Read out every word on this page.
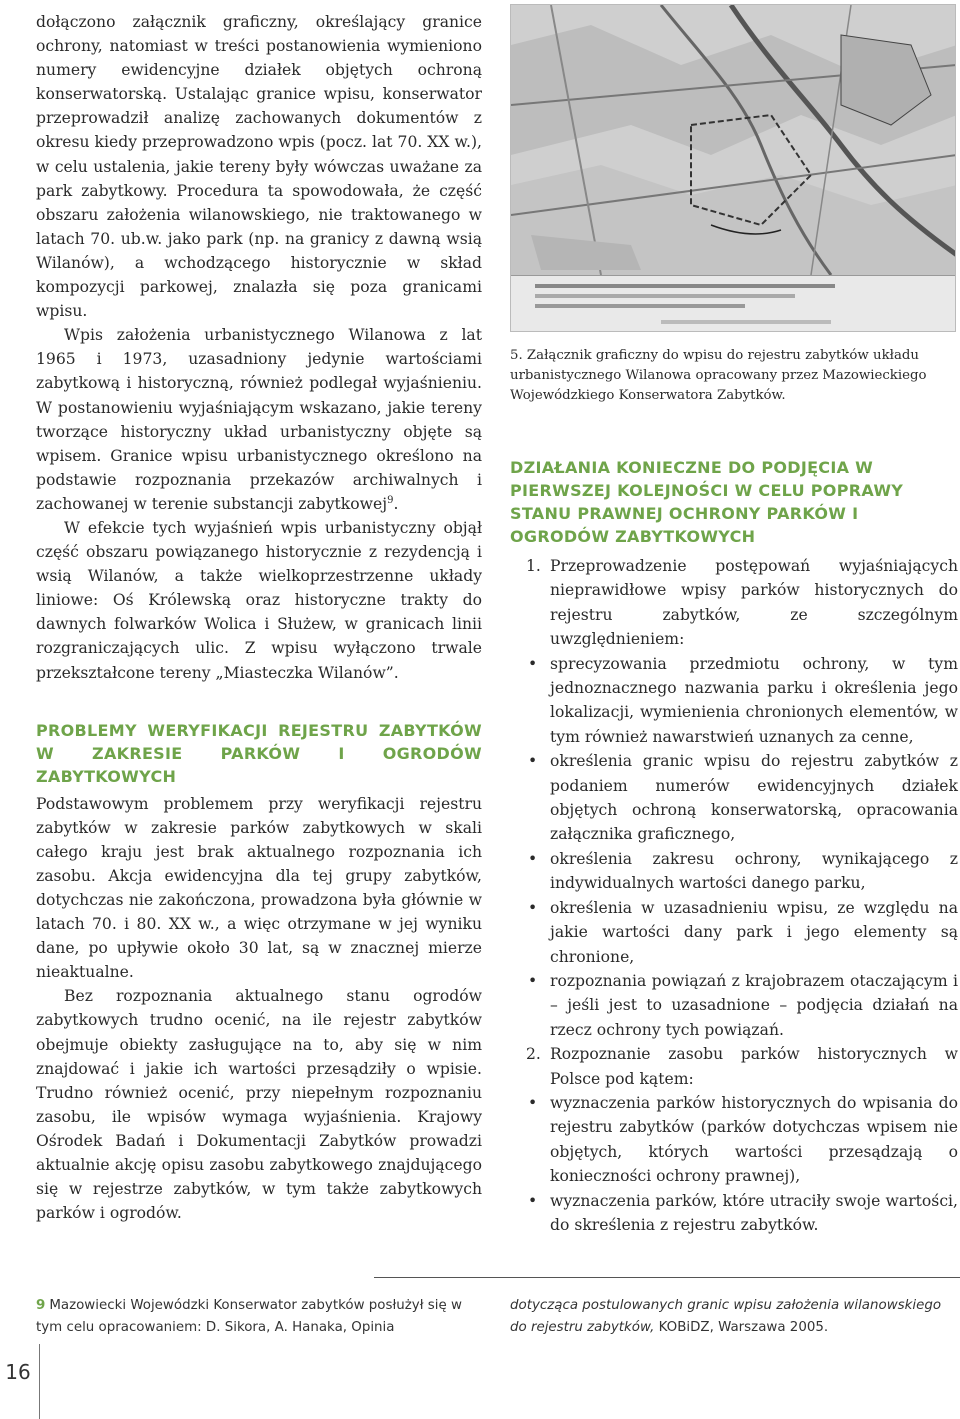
dołączono załącznik graficzny, określający granice ochrony, natomiast w treści postanowienia wymieniono numery ewidencyjne działek objętych ochroną konserwatorską. Ustalając granice wpisu, konserwator przeprowadził analizę zachowanych dokumentów z okresu kiedy przeprowadzono wpis (pocz. lat 70. XX w.), w celu ustalenia, jakie tereny były wówczas uważane za park zabytkowy. Procedura ta spowodowała, że część obszaru założenia wilanowskiego, nie traktowanego w latach 70. ub.w. jako park (np. na granicy z dawną wsią Wilanów), a wchodzącego historycznie w skład kompozycji parkowej, znalazła się poza granicami wpisu.

Wpis założenia urbanistycznego Wilanowa z lat 1965 i 1973, uzasadniony jedynie wartościami zabytkową i historyczną, również podlegał wyjaśnieniu. W postanowieniu wyjaśniającym wskazano, jakie tereny tworzące historyczny układ urbanistyczny objęte są wpisem. Granice wpisu urbanistycznego określono na podstawie rozpoznania przekazów archiwalnych i zachowanej w terenie substancji zabytkowej$^9$.

W efekcie tych wyjaśnień wpis urbanistyczny objął część obszaru powiązanego historycznie z rezydencją i wsią Wilanów, a także wielkoprzestrzenne układy liniowe: Oś Królewską oraz historyczne trakty do dawnych folwarków Wolica i Służew, w granicach linii rozgraniczających ulic. Z wpisu wyłączono trwale przekształcone tereny „Miasteczka Wilanów”.

PROBLEMY WERYFIKACJI REJESTRU ZABYTKÓW W ZAKRESIE PARKÓW I OGRODÓW ZABYTKOWYCH

Podstawowym problemem przy weryfikacji rejestru zabytków w zakresie parków zabytkowych w skali całego kraju jest brak aktualnego rozpoznania ich zasobu. Akcja ewidencyjna dla tej grupy zabytków, dotychczas nie zakończona, prowadzona była głównie w latach 70. i 80. XX w., a więc otrzymane w jej wyniku dane, po upływie około 30 lat, są w znacznej mierze nieaktualne.

Bez rozpoznania aktualnego stanu ogrodów zabytkowych trudno ocenić, na ile rejestr zabytków obejmuje obiekty zasługujące na to, aby się w nim znajdować i jakie ich wartości przesądziły o wpisie. Trudno również ocenić, przy niepełnym rozpoznaniu zasobu, ile wpisów wymaga wyjaśnienia. Krajowy Ośrodek Badań i Dokumentacji Zabytków prowadzi aktualnie akcję opisu zasobu zabytkowego znajdującego się w rejestrze zabytków, w tym także zabytkowych parków i ogrodów.

5. Załącznik graficzny do wpisu do rejestru zabytków układu urbanistycznego Wilanowa opracowany przez Mazowieckiego Wojewódzkiego Konserwatora Zabytków.
DZIAŁANIA KONIECZNE DO PODJĘCIA W PIERWSZEJ KOLEJNOŚCI W CELU POPRAWY STANU PRAWNEJ OCHRONY PARKÓW I OGRODÓW ZABYTKOWYCH
1. Przeprowadzenie postępowań wyjaśniających nieprawidłowe wpisy parków historycznych do rejestru zabytków, ze szczególnym uwzględnieniem:
• sprecyzowania przedmiotu ochrony, w tym jednoznacznego nazwania parku i określenia jego lokalizacji, wymienienia chronionych elementów, w tym również nawarstwień uznanych za cenne,
• określenia granic wpisu do rejestru zabytków z podaniem numerów ewidencyjnych działek objętych ochroną konserwatorską, opracowania załącznika graficznego,
• określenia zakresu ochrony, wynikającego z indywidualnych wartości danego parku,
• określenia w uzasadnieniu wpisu, ze względu na jakie wartości dany park i jego elementy są chronione,
• rozpoznania powiązań z krajobrazem otaczającym i – jeśli jest to uzasadnione – podjęcia działań na rzecz ochrony tych powiązań.
2. Rozpoznanie zasobu parków historycznych w Polsce pod kątem:
• wyznaczenia parków historycznych do wpisania do rejestru zabytków (parków dotychczas wpisem nie objętych, których wartości przesądzają o konieczności ochrony prawnej),
• wyznaczenia parków, które utraciły swoje wartości, do skreślenia z rejestru zabytków.
9 Mazowiecki Wojewódzki Konserwator zabytków posłużył się w tym celu opracowaniem: D. Sikora, A. Hanaka, Opinia
dotycząca postulowanych granic wpisu założenia wilanowskiego do rejestru zabytków, KOBiDZ, Warszawa 2005.
16
